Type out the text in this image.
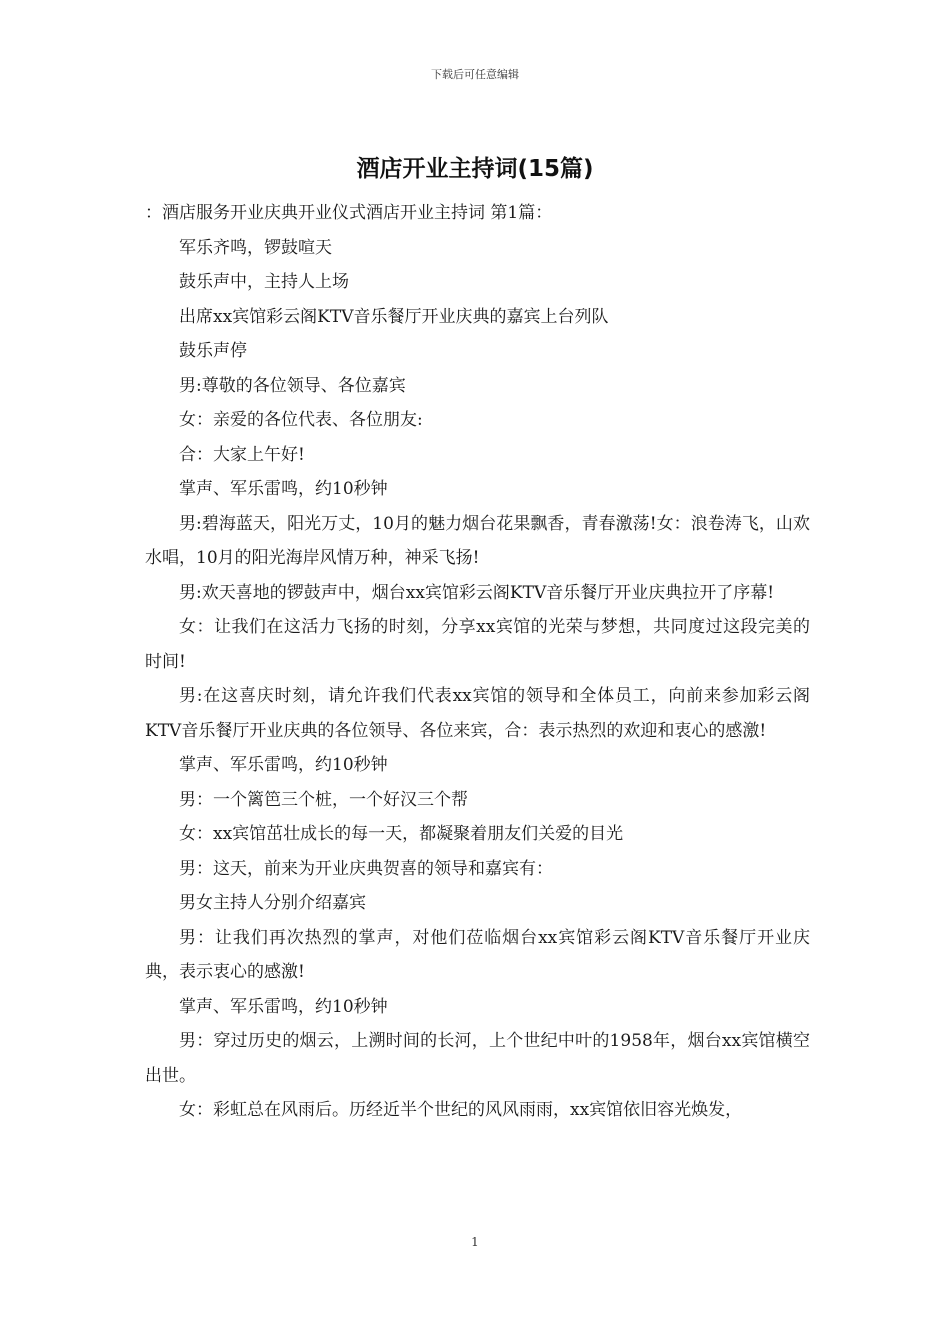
下载后可任意编辑
酒店开业主持词(15篇)

：酒店服务开业庆典开业仪式酒店开业主持词 第1篇：

军乐齐鸣，锣鼓喧天

鼓乐声中，主持人上场

出席xx宾馆彩云阁KTV音乐餐厅开业庆典的嘉宾上台列队

鼓乐声停

男:尊敬的各位领导、各位嘉宾

女：亲爱的各位代表、各位朋友:

合：大家上午好!

掌声、军乐雷鸣，约10秒钟

男:碧海蓝天，阳光万丈，10月的魅力烟台花果飘香，青春激荡!女：浪卷涛飞，山欢水唱，10月的阳光海岸风情万种，神采飞扬!

男:欢天喜地的锣鼓声中，烟台xx宾馆彩云阁KTV音乐餐厅开业庆典拉开了序幕!

女：让我们在这活力飞扬的时刻，分享xx宾馆的光荣与梦想，共同度过这段完美的时间!

男:在这喜庆时刻，请允许我们代表xx宾馆的领导和全体员工，向前来参加彩云阁KTV音乐餐厅开业庆典的各位领导、各位来宾，合：表示热烈的欢迎和衷心的感激!

掌声、军乐雷鸣，约10秒钟

男：一个篱笆三个桩，一个好汉三个帮

女：xx宾馆茁壮成长的每一天，都凝聚着朋友们关爱的目光

男：这天，前来为开业庆典贺喜的领导和嘉宾有：

男女主持人分别介绍嘉宾

男：让我们再次热烈的掌声，对他们莅临烟台xx宾馆彩云阁KTV音乐餐厅开业庆典，表示衷心的感激!

掌声、军乐雷鸣，约10秒钟

男：穿过历史的烟云，上溯时间的长河，上个世纪中叶的1958年，烟台xx宾馆横空出世。

女：彩虹总在风雨后。历经近半个世纪的风风雨雨，xx宾馆依旧容光焕发，

1
